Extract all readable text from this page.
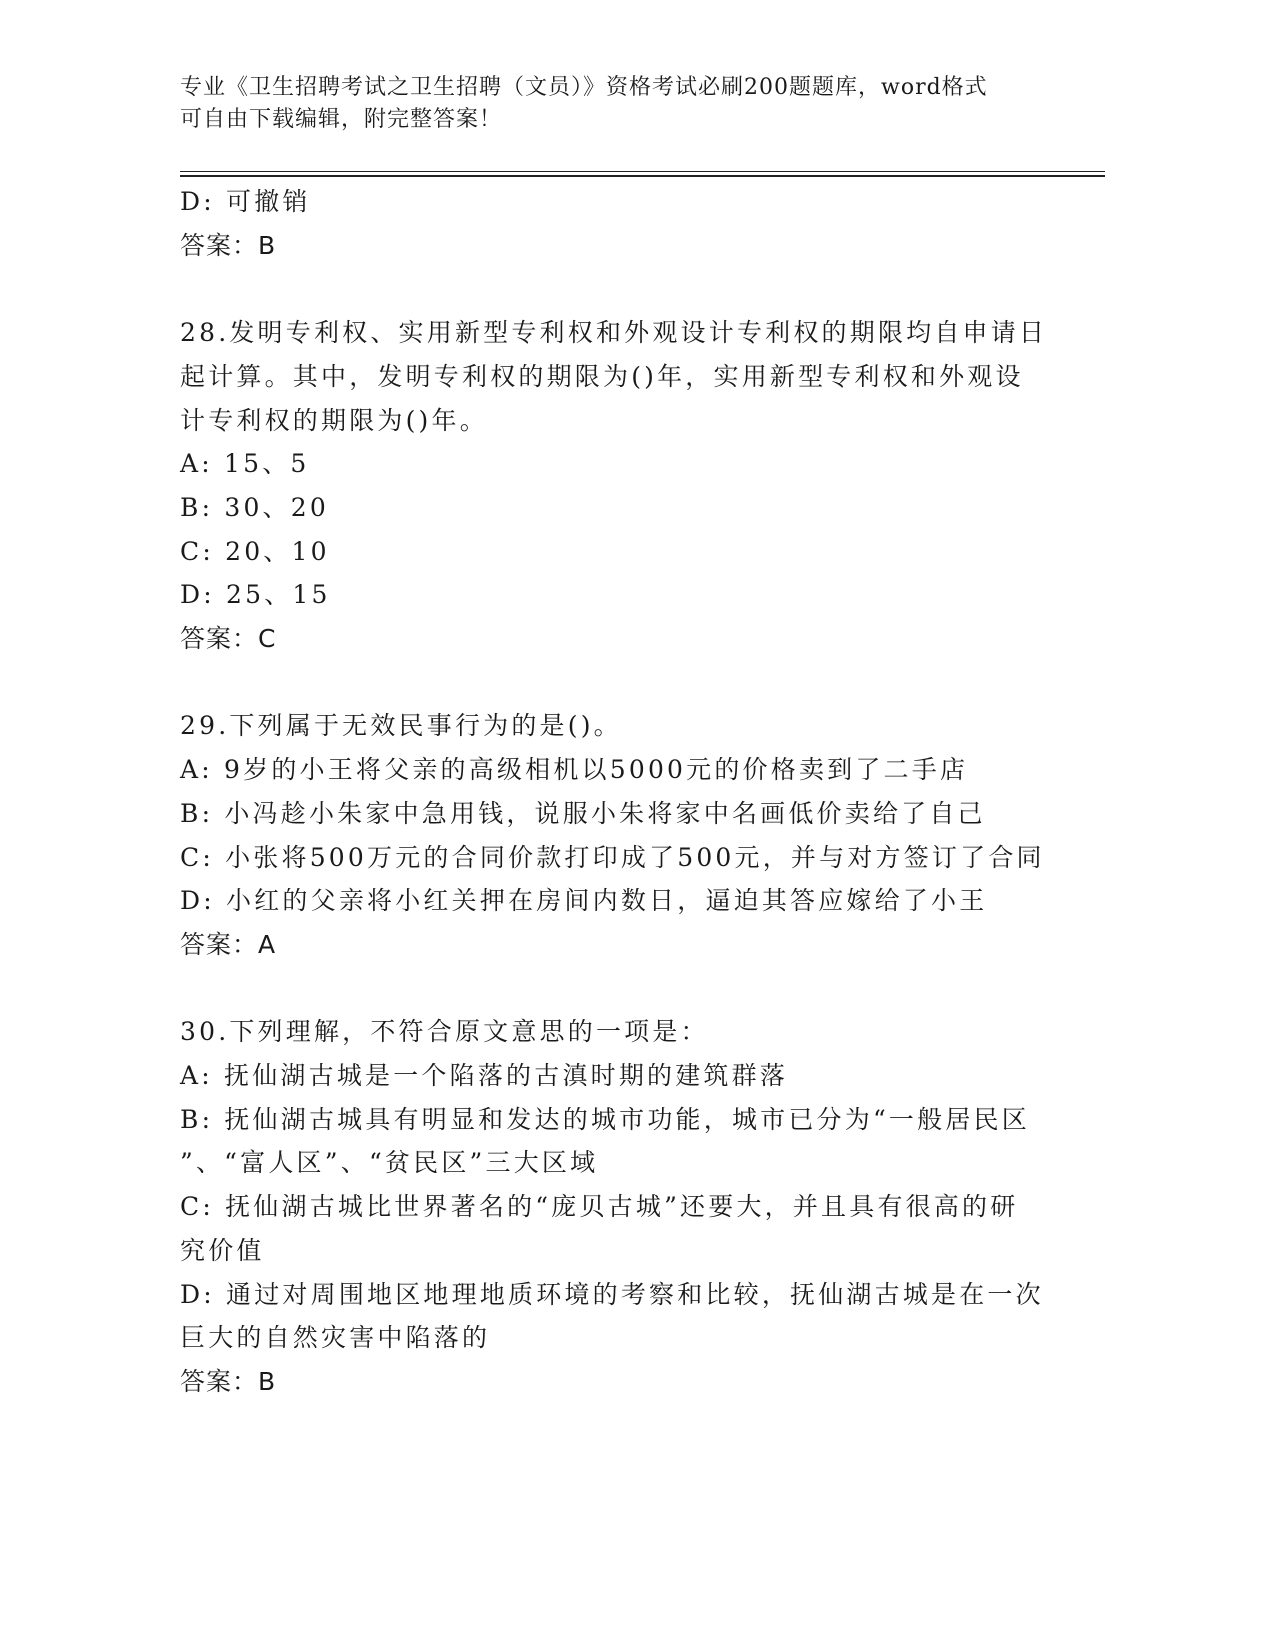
专业《卫生招聘考试之卫生招聘（文员）》资格考试必刷200题题库，word格式
可自由下载编辑，附完整答案！
D: 可撤销
答案：B
28.发明专利权、实用新型专利权和外观设计专利权的期限均自申请日
起计算。其中，发明专利权的期限为()年，实用新型专利权和外观设
计专利权的期限为()年。
A: 15、5
B: 30、20
C: 20、10
D: 25、15
答案：C
29.下列属于无效民事行为的是()。
A: 9岁的小王将父亲的高级相机以5000元的价格卖到了二手店
B: 小冯趁小朱家中急用钱，说服小朱将家中名画低价卖给了自己
C: 小张将500万元的合同价款打印成了500元，并与对方签订了合同
D: 小红的父亲将小红关押在房间内数日，逼迫其答应嫁给了小王
答案：A
30.下列理解，不符合原文意思的一项是：
A: 抚仙湖古城是一个陷落的古滇时期的建筑群落
B: 抚仙湖古城具有明显和发达的城市功能，城市已分为“一般居民区
”、“富人区”、“贫民区”三大区域
C: 抚仙湖古城比世界著名的“庞贝古城”还要大，并且具有很高的研
究价值
D: 通过对周围地区地理地质环境的考察和比较，抚仙湖古城是在一次
巨大的自然灾害中陷落的
答案：B
